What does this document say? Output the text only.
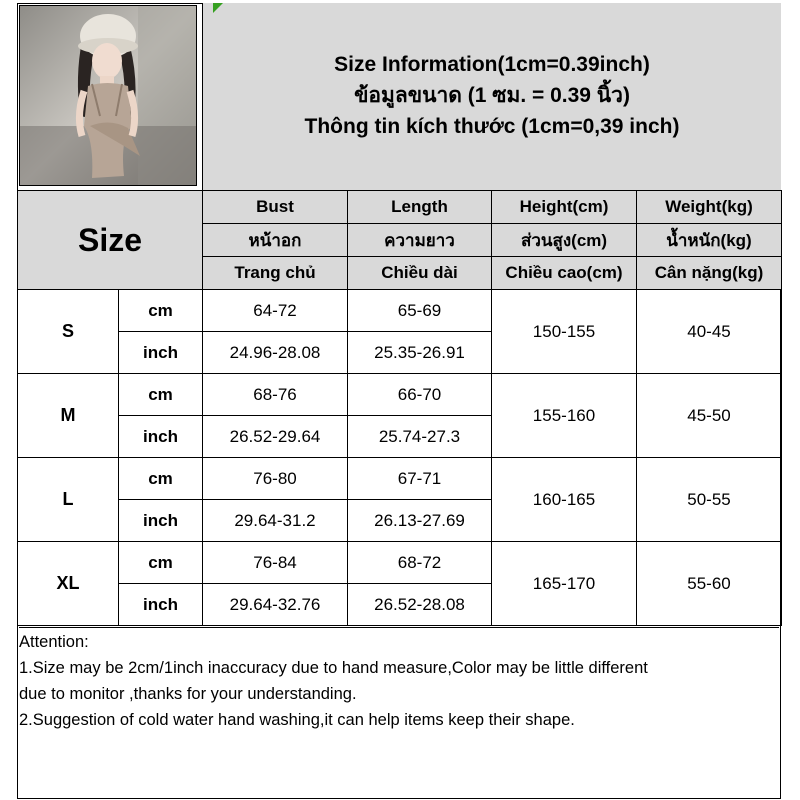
Size Information(1cm=0.39inch)
ข้อมูลขนาด (1 ซม. = 0.39 นิ้ว)
Thông tin kích thước (1cm=0,39 inch)
Size		Bust	Length	Height(cm)	Weight(kg)
		หน้าอก	ความยาว	ส่วนสูง(cm)	น้ำหนัก(kg)
		Trang chủ	Chiều dài	Chiều cao(cm)	Cân nặng(kg)
S	cm	64-72	65-69	150-155	40-45
	inch	24.96-28.08	25.35-26.91		
M	cm	68-76	66-70	155-160	45-50
	inch	26.52-29.64	25.74-27.3		
L	cm	76-80	67-71	160-165	50-55
	inch	29.64-31.2	26.13-27.69		
XL	cm	76-84	68-72	165-170	55-60
	inch	29.64-32.76	26.52-28.08		
Attention:
1.Size may be 2cm/1inch inaccuracy due to hand measure,Color may be little different
due to monitor ,thanks for your understanding.
2.Suggestion of cold water hand washing,it can help items keep their shape.
